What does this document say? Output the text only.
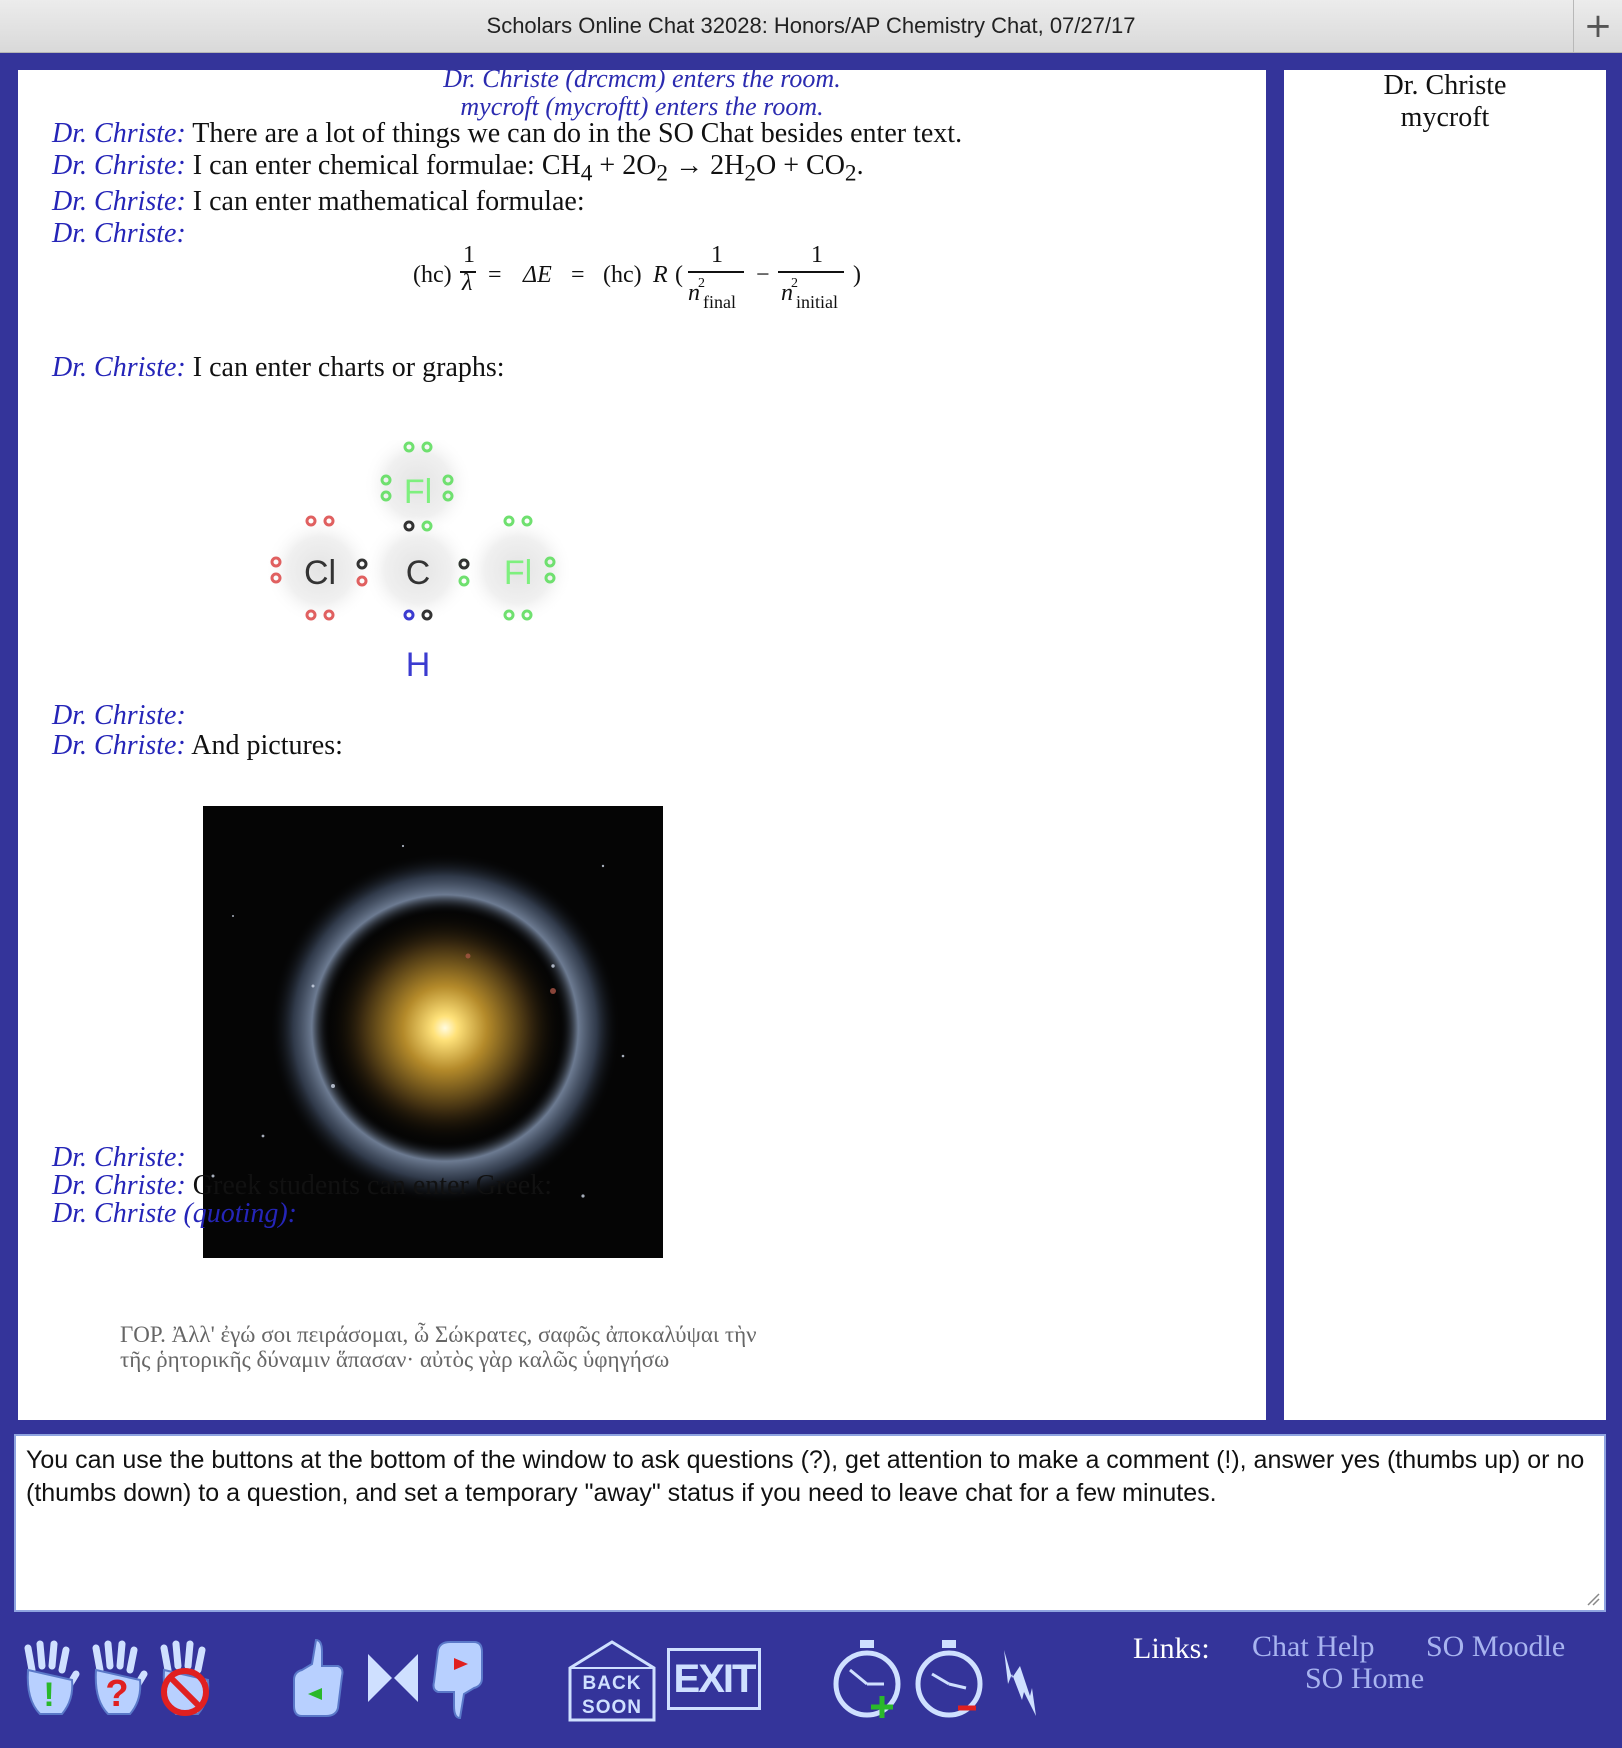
Scholars Online Chat 32028: Honors/AP Chemistry Chat, 07/27/17	+
Dr. Christe (drcmcm) enters the room.
mycroft (mycroftt) enters the room.
Dr. Christe: There are a lot of things we can do in the SO Chat besides enter text.
Dr. Christe: I can enter chemical formulae: $CH_4 + 2O_2 \to 2H_2O + CO_2$.
Dr. Christe: I can enter mathematical formulae:
Dr. Christe:
(hc)
1
λ = ΔE = (hc) R (
1
2
n final
−
1
2
n initial
)
Dr. Christe: I can enter charts or graphs:
Fl
Cl C Fl
H
Dr. Christe:
Dr. Christe: And pictures:
Dr. Christe:
Dr. Christe: Greek students can enter Greek:
Dr. Christe (quoting):
ΓΟΡ. Ἀλλ' ἐγώ σοι πειράσομαι, ὦ Σώκρατες, σαφῶς ἀποκαλύψαι τὴν τῆς ῥητορικῆς δύναμιν ἅπασαν· αὐτὸς γὰρ καλῶς ὑφηγήσω
Dr. Christe
mycroft
You can use the buttons at the bottom of the window to ask questions (?), get attention to make a comment (!), answer yes (thumbs up) or no (thumbs down) to a question, and set a temporary "away" status if you need to leave chat for a few minutes.
! ?	BACK
SOON
EXIT
Links: Chat Help SO Moodle
SO Home
